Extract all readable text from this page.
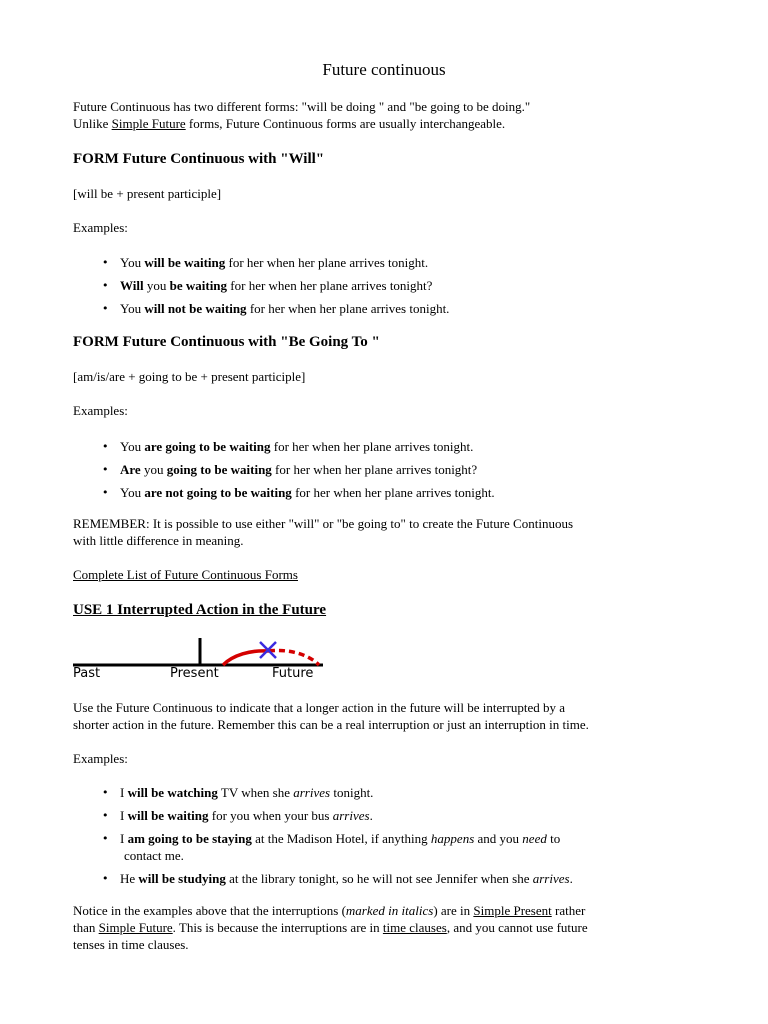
Future continuous
Future Continuous has two different forms: "will be doing " and "be going to be doing."
Unlike Simple Future forms, Future Continuous forms are usually interchangeable.
FORM Future Continuous with "Will"
[will be + present participle]
Examples:
• You will be waiting for her when her plane arrives tonight.
• Will you be waiting for her when her plane arrives tonight?
• You will not be waiting for her when her plane arrives tonight.
FORM Future Continuous with "Be Going To "
[am/is/are + going to be + present participle]
Examples:
• You are going to be waiting for her when her plane arrives tonight.
• Are you going to be waiting for her when her plane arrives tonight?
• You are not going to be waiting for her when her plane arrives tonight.
REMEMBER: It is possible to use either "will" or "be going to" to create the Future Continuous
with little difference in meaning.
Complete List of Future Continuous Forms
USE 1 Interrupted Action in the Future
Past	Present	Future
Use the Future Continuous to indicate that a longer action in the future will be interrupted by a
shorter action in the future. Remember this can be a real interruption or just an interruption in time.
Examples:
• I will be watching TV when she arrives tonight.
• I will be waiting for you when your bus arrives.
• I am going to be staying at the Madison Hotel, if anything happens and you need to
contact me.
• He will be studying at the library tonight, so he will not see Jennifer when she arrives.
Notice in the examples above that the interruptions (marked in italics) are in Simple Present rather
than Simple Future. This is because the interruptions are in time clauses, and you cannot use future
tenses in time clauses.
